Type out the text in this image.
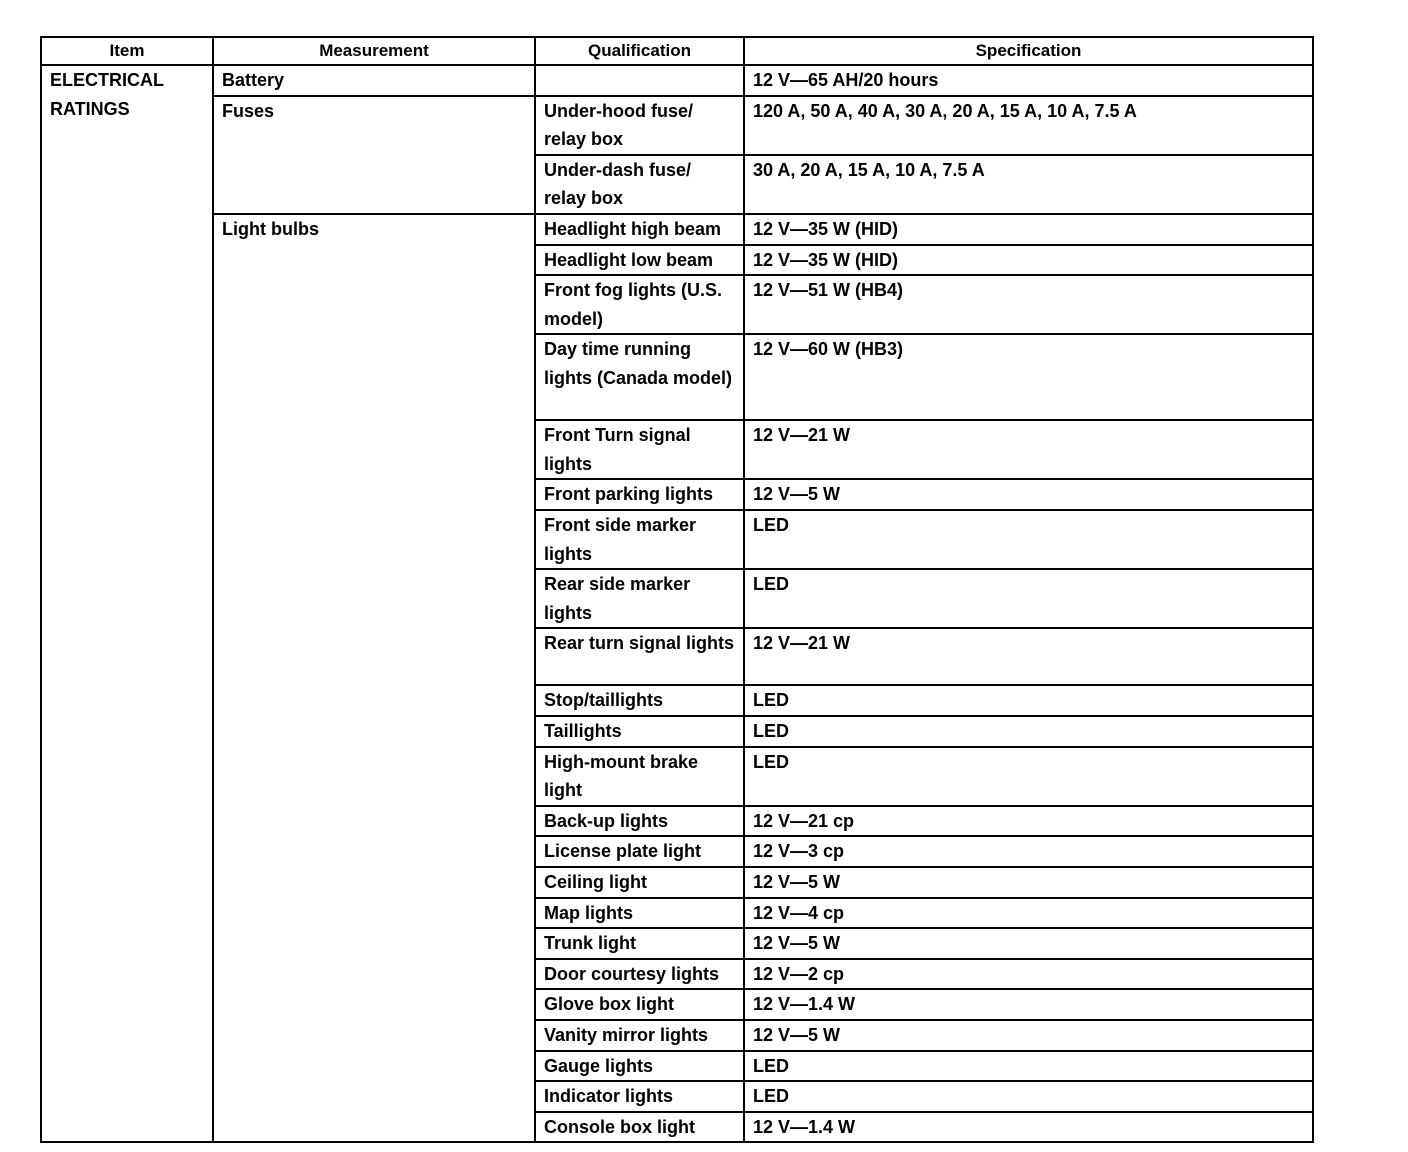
Item	Measurement	Qualification	Specification

ELECTRICAL
RATINGS	Battery		12 V—65 AH/20 hours
	Fuses	Under-hood fuse/ relay box	120 A, 50 A, 40 A, 30 A, 20 A, 15 A, 10 A, 7.5 A
		Under-dash fuse/ relay box	30 A, 20 A, 15 A, 10 A, 7.5 A
	Light bulbs	Headlight high beam	12 V—35 W (HID)
		Headlight low beam	12 V—35 W (HID)
		Front fog lights (U.S. model)	12 V—51 W (HB4)
		Day time running lights (Canada model)	12 V—60 W (HB3)
		Front Turn signal lights	12 V—21 W
		Front parking lights	12 V—5 W
		Front side marker lights	LED
		Rear side marker lights	LED
		Rear turn signal lights	12 V—21 W
		Stop/taillights	LED
		Taillights	LED
		High-mount brake light	LED
		Back-up lights	12 V—21 cp
		License plate light	12 V—3 cp
		Ceiling light	12 V—5 W
		Map lights	12 V—4 cp
		Trunk light	12 V—5 W
		Door courtesy lights	12 V—2 cp
		Glove box light	12 V—1.4 W
		Vanity mirror lights	12 V—5 W
		Gauge lights	LED
		Indicator lights	LED
		Console box light	12 V—1.4 W
